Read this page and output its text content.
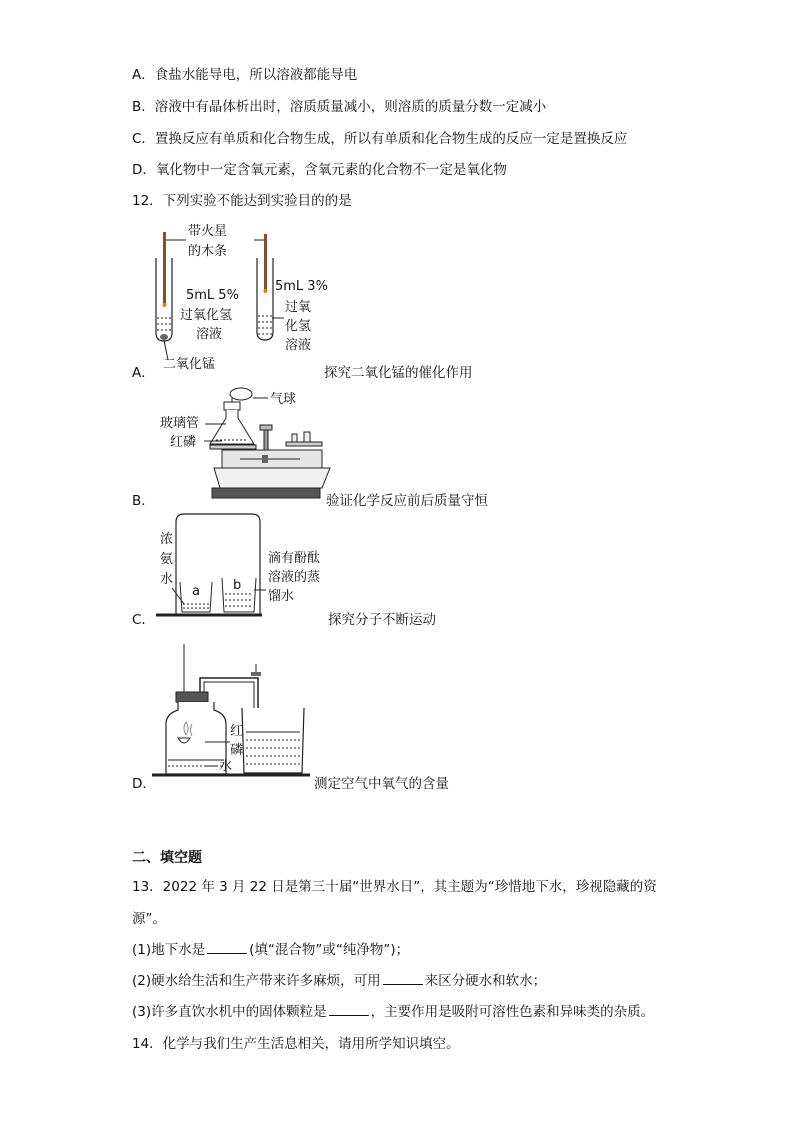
A．食盐水能导电，所以溶液都能导电
B．溶液中有晶体析出时，溶质质量减小，则溶质的质量分数一定减小
C．置换反应有单质和化合物生成，所以有单质和化合物生成的反应一定是置换反应
D．氧化物中一定含氧元素，含氧元素的化合物不一定是氧化物
12．下列实验不能达到实验目的的是
带火星
的木条
5mL 5%
过氧化氢
溶液
二氧化锰
5mL 3%
过氧
化氢
溶液
A．	探究二氧化锰的催化作用
气球
玻璃管
红磷
B．	验证化学反应前后质量守恒
浓
氨
水
a	b
滴有酚酞
溶液的蒸
馏水
C．	探究分子不断运动
红
磷
水
D．	测定空气中氧气的含量
二、填空题
13．2022 年 3 月 22 日是第三十届“世界水日”，其主题为“珍惜地下水，珍视隐藏的资
源”。
(1)地下水是	(填“混合物”或“纯净物”)；
(2)硬水给生活和生产带来许多麻烦，可用	来区分硬水和软水；
(3)许多直饮水机中的固体颗粒是	，主要作用是吸附可溶性色素和异味类的杂质。
14．化学与我们生产生活息相关，请用所学知识填空。
